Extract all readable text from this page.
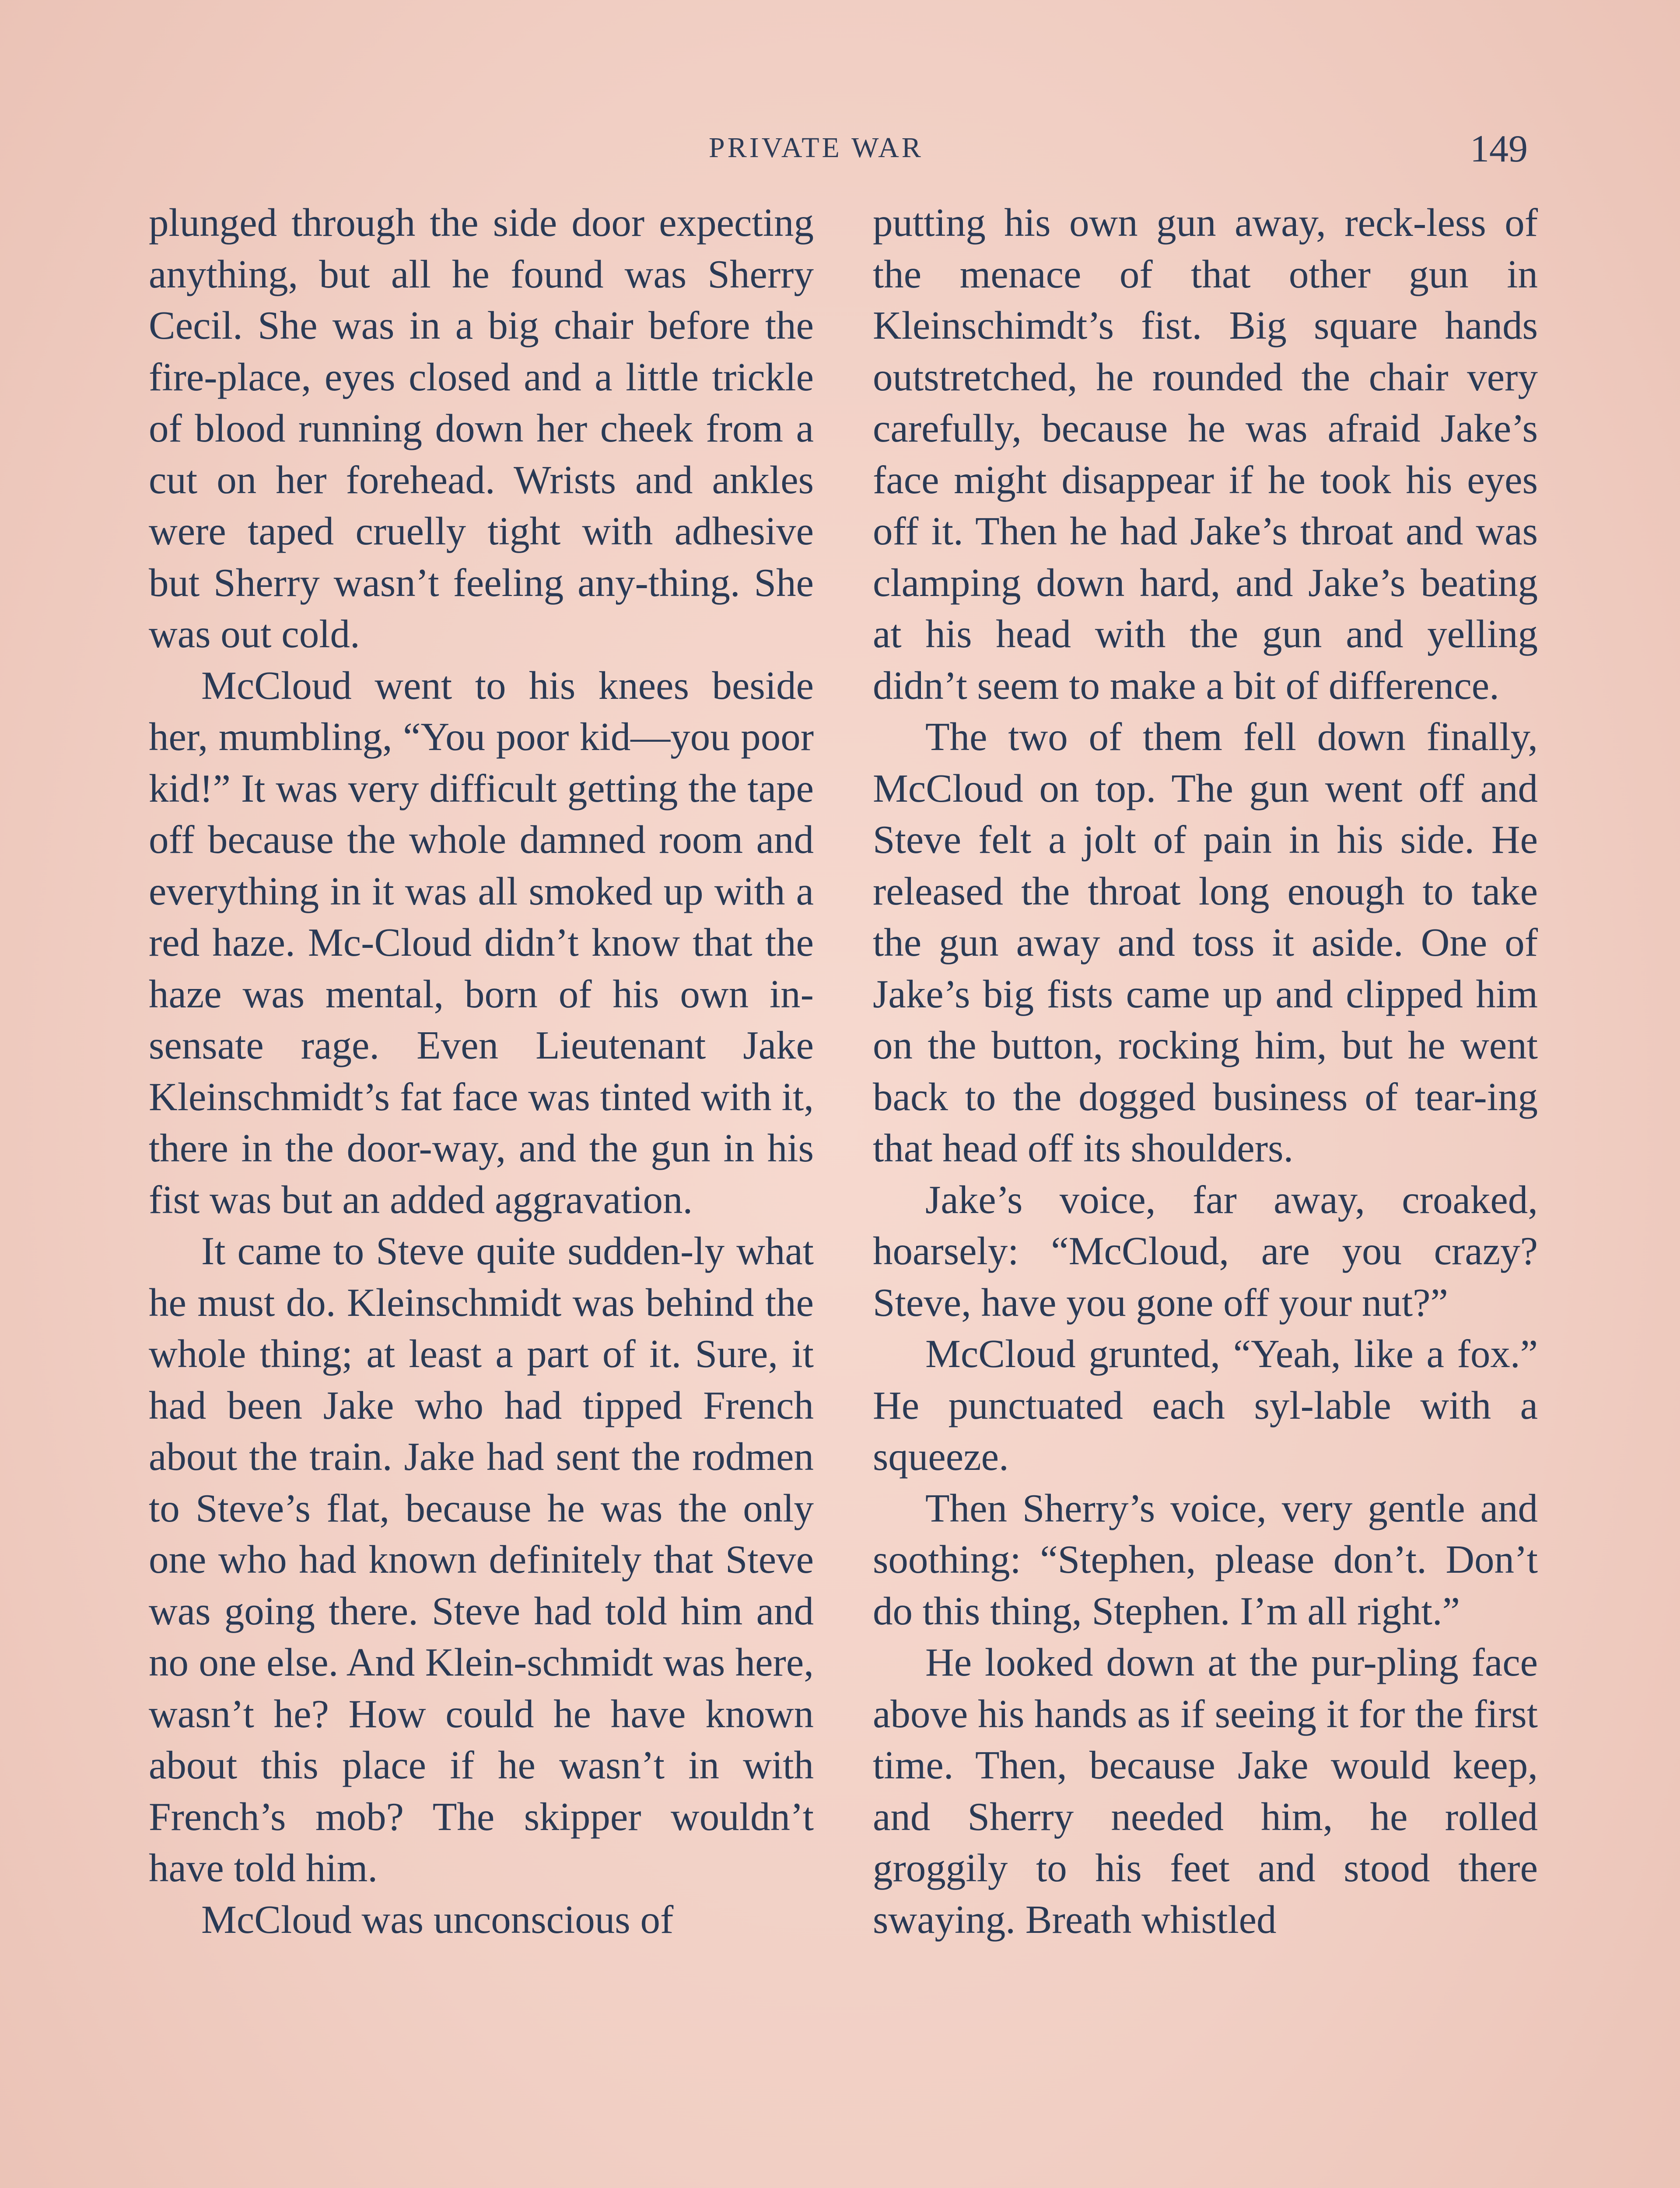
PRIVATE WAR	149

plunged through the side door expecting anything, but all he found was Sherry Cecil. She was in a big chair before the fire-place, eyes closed and a little trickle of blood running down her cheek from a cut on her forehead. Wrists and ankles were taped cruelly tight with adhesive but Sherry wasn’t feeling any-thing. She was out cold.

McCloud went to his knees beside her, mumbling, “You poor kid—you poor kid!” It was very difficult getting the tape off because the whole damned room and everything in it was all smoked up with a red haze. Mc-Cloud didn’t know that the haze was mental, born of his own in-sensate rage. Even Lieutenant Jake Kleinschmidt’s fat face was tinted with it, there in the door-way, and the gun in his fist was but an added aggravation.

It came to Steve quite sudden-ly what he must do. Kleinschmidt was behind the whole thing; at least a part of it. Sure, it had been Jake who had tipped French about the train. Jake had sent the rodmen to Steve’s flat, because he was the only one who had known definitely that Steve was going there. Steve had told him and no one else. And Klein-schmidt was here, wasn’t he? How could he have known about this place if he wasn’t in with French’s mob? The skipper wouldn’t have told him.

McCloud was unconscious of

putting his own gun away, reck-less of the menace of that other gun in Kleinschimdt’s fist. Big square hands outstretched, he rounded the chair very carefully, because he was afraid Jake’s face might disappear if he took his eyes off it. Then he had Jake’s throat and was clamping down hard, and Jake’s beating at his head with the gun and yelling didn’t seem to make a bit of difference.

The two of them fell down finally, McCloud on top. The gun went off and Steve felt a jolt of pain in his side. He released the throat long enough to take the gun away and toss it aside. One of Jake’s big fists came up and clipped him on the button, rocking him, but he went back to the dogged business of tear-ing that head off its shoulders.

Jake’s voice, far away, croaked, hoarsely: “McCloud, are you crazy? Steve, have you gone off your nut?”

McCloud grunted, “Yeah, like a fox.” He punctuated each syl-lable with a squeeze.

Then Sherry’s voice, very gentle and soothing: “Stephen, please don’t. Don’t do this thing, Stephen. I’m all right.”

He looked down at the pur-pling face above his hands as if seeing it for the first time. Then, because Jake would keep, and Sherry needed him, he rolled groggily to his feet and stood there swaying. Breath whistled
